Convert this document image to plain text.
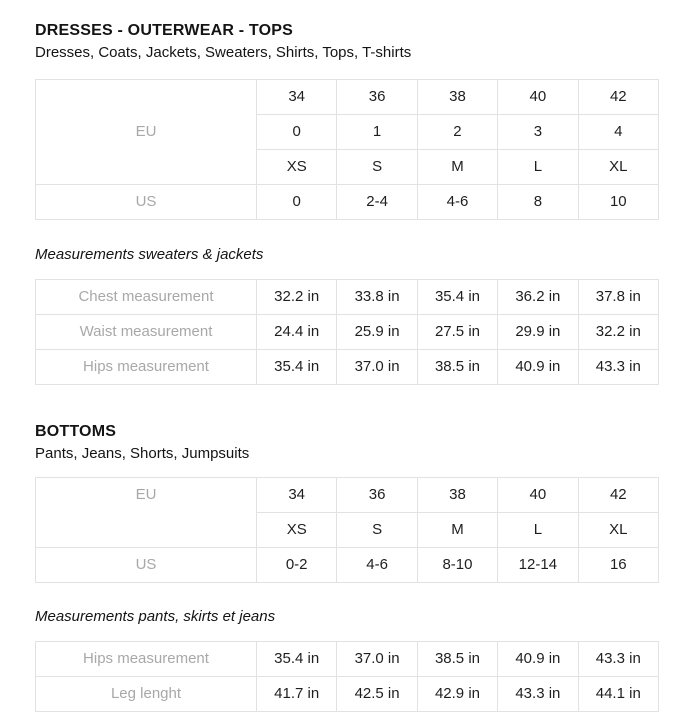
DRESSES - OUTERWEAR - TOPS

Dresses, Coats, Jackets, Sweaters, Shirts, Tops, T-shirts

	34	36	38	40	42
EU	0	1	2	3	4
	XS	S	M	L	XL
US	0	2-4	4-6	8	10
Measurements sweaters & jackets
Chest measurement	32.2 in	33.8 in	35.4 in	36.2 in	37.8 in
Waist measurement	24.4 in	25.9 in	27.5 in	29.9 in	32.2 in
Hips measurement	35.4 in	37.0 in	38.5 in	40.9 in	43.3 in
BOTTOMS

Pants, Jeans, Shorts, Jumpsuits

EU	34	36	38	40	42
	XS	S	M	L	XL
US	0-2	4-6	8-10	12-14	16
Measurements pants, skirts et jeans
Hips measurement	35.4 in	37.0 in	38.5 in	40.9 in	43.3 in
Leg lenght	41.7 in	42.5 in	42.9 in	43.3 in	44.1 in
